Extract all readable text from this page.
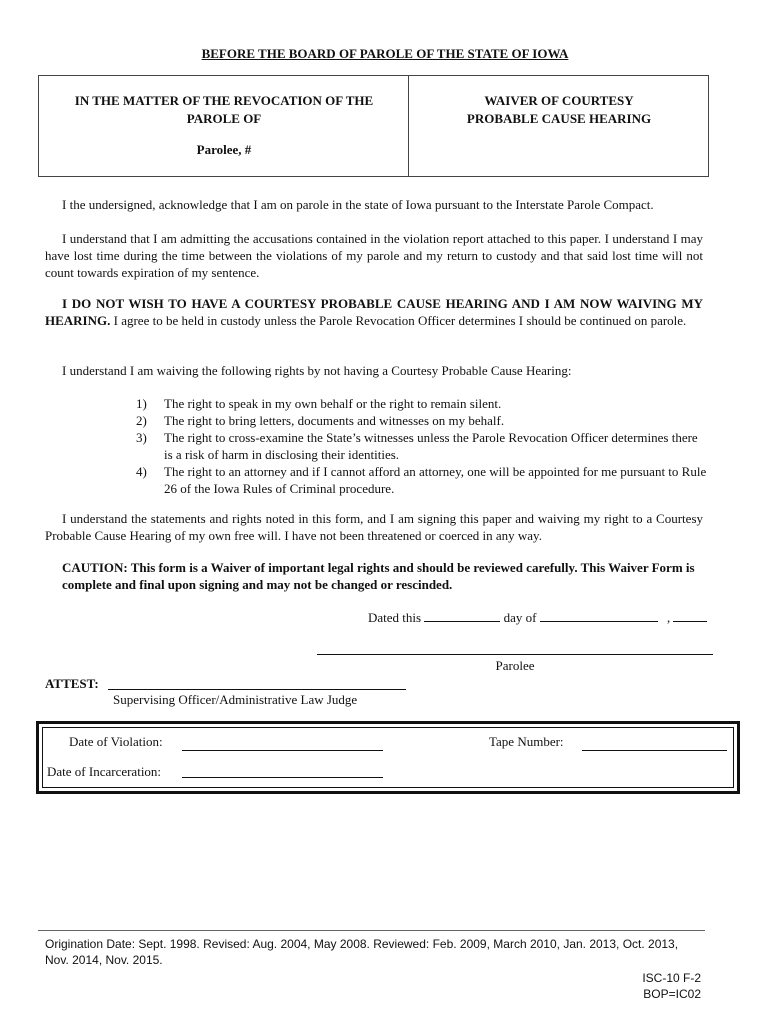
BEFORE THE BOARD OF PAROLE OF THE STATE OF IOWA
IN THE MATTER OF THE REVOCATION OF THE
PAROLE OF
Parolee, #
WAIVER OF COURTESY
PROBABLE CAUSE HEARING
I the undersigned, acknowledge that I am on parole in the state of Iowa pursuant to the Interstate Parole Compact.
I understand that I am admitting the accusations contained in the violation report attached to this paper. I understand I may have lost time during the time between the violations of my parole and my return to custody and that said lost time will not count towards expiration of my sentence.
I DO NOT WISH TO HAVE A COURTESY PROBABLE CAUSE HEARING AND I AM NOW WAIVING MY HEARING. I agree to be held in custody unless the Parole Revocation Officer determines I should be continued on parole.
I understand I am waiving the following rights by not having a Courtesy Probable Cause Hearing:
1) The right to speak in my own behalf or the right to remain silent.
2) The right to bring letters, documents and witnesses on my behalf.
3) The right to cross-examine the State’s witnesses unless the Parole Revocation Officer determines there is a risk of harm in disclosing their identities.
4) The right to an attorney and if I cannot afford an attorney, one will be appointed for me pursuant to Rule 26 of the Iowa Rules of Criminal procedure.
I understand the statements and rights noted in this form, and I am signing this paper and waiving my right to a Courtesy Probable Cause Hearing of my own free will. I have not been threatened or coerced in any way.
CAUTION: This form is a Waiver of important legal rights and should be reviewed carefully. This Waiver Form is complete and final upon signing and may not be changed or rescinded.
Dated this	day of	,
Parolee
ATTEST:
Supervising Officer/Administrative Law Judge
Date of Violation:	Tape Number:
Date of Incarceration:
Origination Date: Sept. 1998. Revised: Aug. 2004, May 2008. Reviewed: Feb. 2009, March 2010, Jan. 2013, Oct. 2013, Nov. 2014, Nov. 2015.
ISC-10 F-2
BOP=IC02
